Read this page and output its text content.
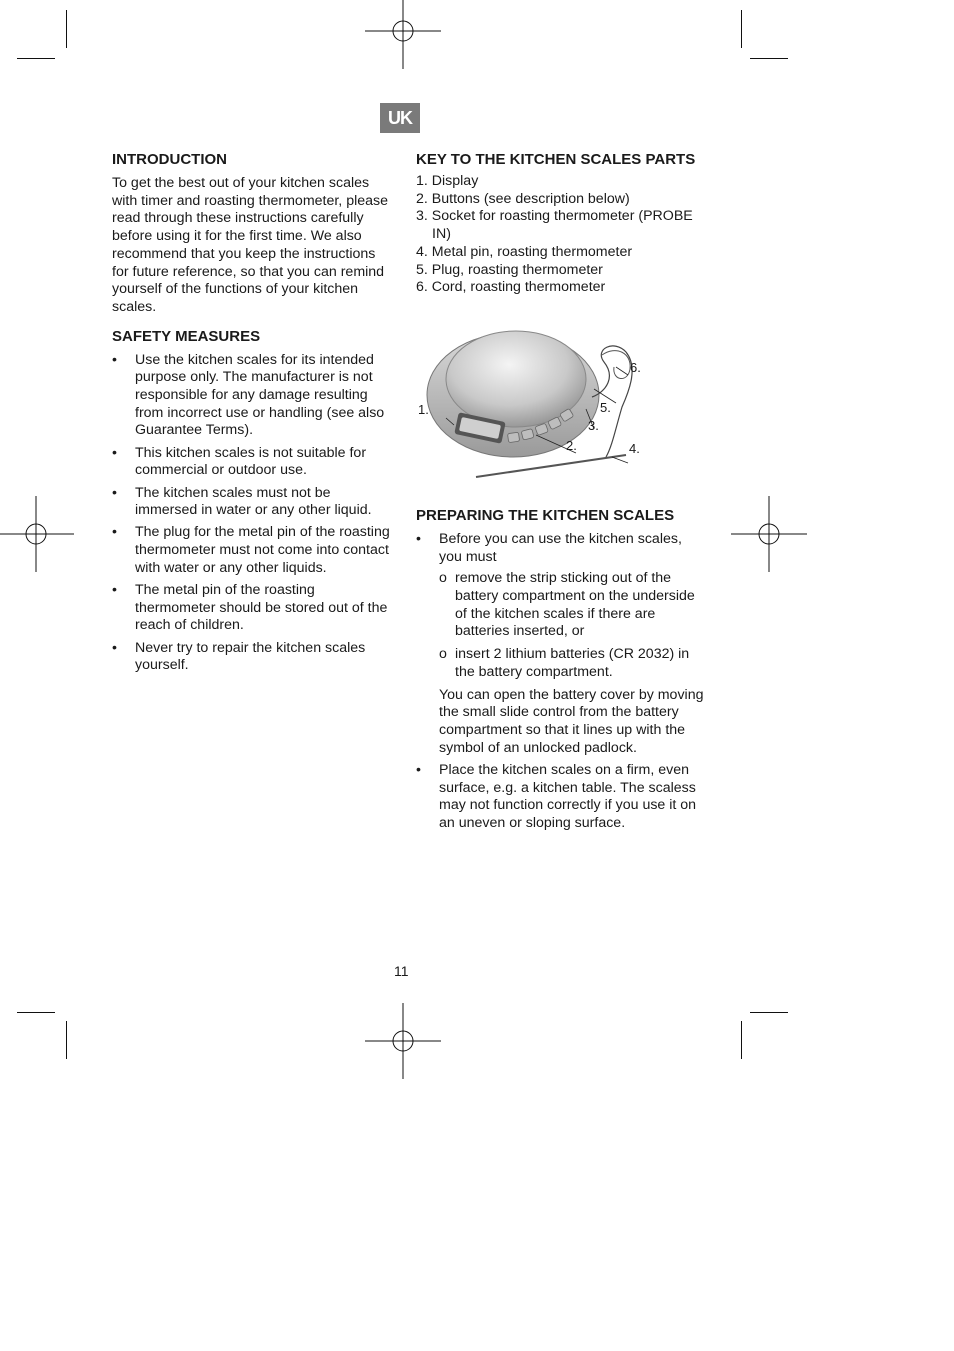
UK
INTRODUCTION

To get the best out of your kitchen scales with timer and roasting thermometer, please read through these instructions carefully before using it for the first time. We also recommend that you keep the instructions for future reference, so that you can remind yourself of the functions of your kitchen scales.

SAFETY MEASURES
• Use the kitchen scales for its intended purpose only. The manufacturer is not responsible for any damage resulting from incorrect use or handling (see also Guarantee Terms).
• This kitchen scales is not suitable for commercial or outdoor use.
• The kitchen scales must not be immersed in water or any other liquid.
• The plug for the metal pin of the roasting thermometer must not come into contact with water or any other liquids.
• The metal pin of the roasting thermometer should be stored out of the reach of children.
• Never try to repair the kitchen scales yourself.
KEY TO THE KITCHEN SCALES PARTS
1. Display
2. Buttons (see description below)
3. Socket for roasting thermometer (PROBE IN)
4. Metal pin, roasting thermometer
5. Plug, roasting thermometer
6. Cord, roasting thermometer
1.
2.
3.
4.
5.
6.
PREPARING THE KITCHEN SCALES
• Before you can use the kitchen scales, you must
o remove the strip sticking out of the battery compartment on the underside of the kitchen scales if there are batteries inserted, or
o insert 2 lithium batteries (CR 2032) in the battery compartment.

You can open the battery cover by moving the small slide control from the battery compartment so that it lines up with the symbol of an unlocked padlock.

• Place the kitchen scales on a firm, even surface, e.g. a kitchen table. The scaless may not function correctly if you use it on an uneven or sloping surface.
11
